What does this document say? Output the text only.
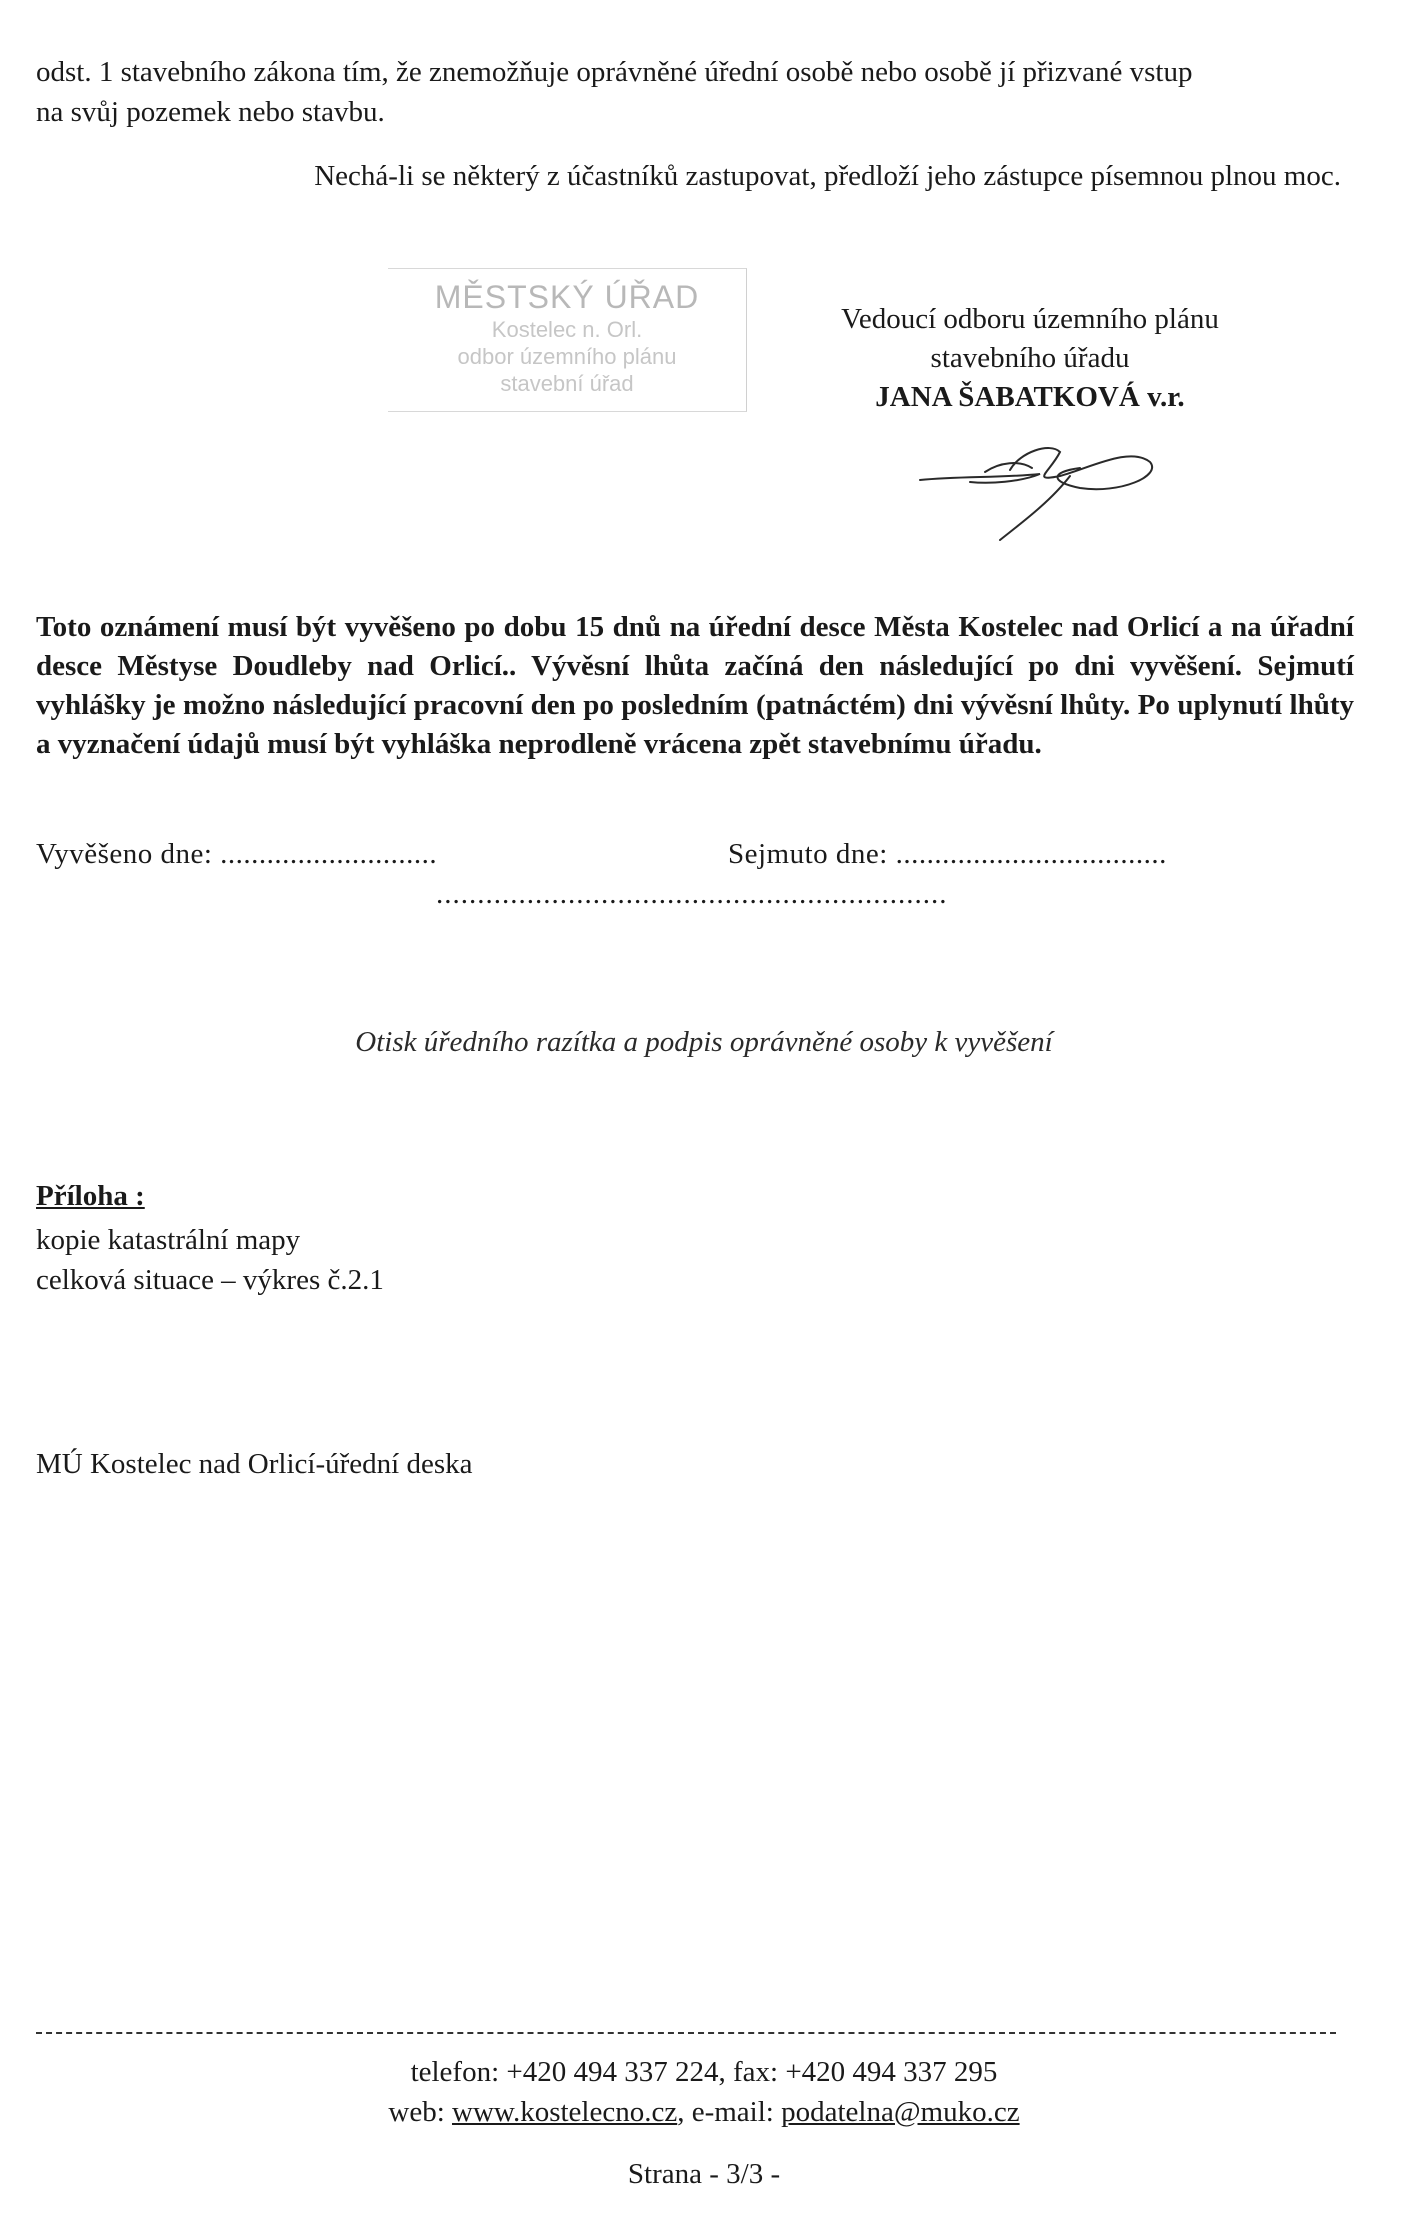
odst. 1 stavebního zákona tím, že znemožňuje oprávněné úřední osobě nebo osobě jí přizvané vstup
na svůj pozemek nebo stavbu.
Nechá-li se některý z účastníků zastupovat, předloží jeho zástupce písemnou plnou moc.
MĚSTSKÝ ÚŘAD
Kostelec n. Orl.
odbor územního plánu
stavební úřad
Vedoucí odboru územního plánu
stavebního úřadu
JANA ŠABATKOVÁ v.r.
Toto oznámení musí být vyvěšeno po dobu 15 dnů na úřední desce Města Kostelec nad Orlicí a na úřadní desce Městyse Doudleby nad Orlicí.. Vývěsní lhůta začíná den následující po dni vyvěšení. Sejmutí vyhlášky je možno následující pracovní den po posledním (patnáctém) dni vývěsní lhůty. Po uplynutí lhůty a vyznačení údajů musí být vyhláška neprodleně vrácena zpět stavebnímu úřadu.
Vyvěšeno dne: ............................	Sejmuto dne: ...................................
..............................................................
Otisk úředního razítka a podpis oprávněné osoby k vyvěšení
Příloha :
kopie katastrální mapy
celková situace – výkres č.2.1
MÚ Kostelec nad Orlicí-úřední deska
telefon: +420 494 337 224, fax: +420 494 337 295
web: www.kostelecno.cz, e-mail: podatelna@muko.cz
Strana - 3/3 -
